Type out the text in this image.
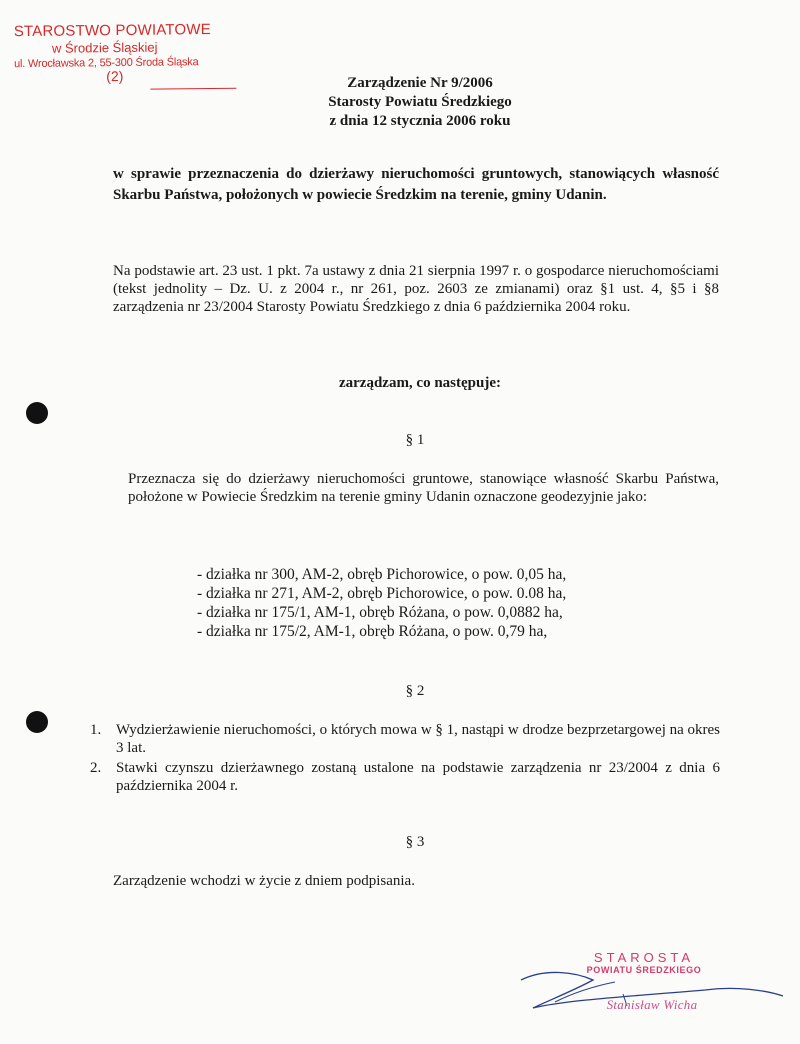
STAROSTWO POWIATOWE
w Środzie Śląskiej
ul. Wrocławska 2, 55-300 Środa Śląska
(2)	Zarządzenie Nr 9/2006
Starosty Powiatu Średzkiego
z dnia 12 stycznia 2006 roku
w sprawie przeznaczenia do dzierżawy nieruchomości gruntowych, stanowiących własność Skarbu Państwa, położonych w powiecie Średzkim na terenie, gminy Udanin.
Na podstawie art. 23 ust. 1 pkt. 7a ustawy z dnia 21 sierpnia 1997 r. o gospodarce nieruchomościami (tekst jednolity – Dz. U. z 2004 r., nr 261, poz. 2603 ze zmianami) oraz §1 ust. 4, §5 i §8 zarządzenia nr 23/2004 Starosty Powiatu Średzkiego z dnia 6 października 2004 roku.
zarządzam, co następuje:
§ 1
Przeznacza się do dzierżawy nieruchomości gruntowe, stanowiące własność Skarbu Państwa, położone w Powiecie Średzkim na terenie gminy Udanin oznaczone geodezyjnie jako:
- działka nr 300, AM-2, obręb Pichorowice, o pow. 0,05 ha,
- działka nr 271, AM-2, obręb Pichorowice, o pow. 0.08 ha,
- działka nr 175/1, AM-1, obręb Różana, o pow. 0,0882 ha,
- działka nr 175/2, AM-1, obręb Różana, o pow. 0,79 ha,
§ 2
1. Wydzierżawienie nieruchomości, o których mowa w § 1, nastąpi w drodze bezprzetargowej na okres 3 lat.
2. Stawki czynszu dzierżawnego zostaną ustalone na podstawie zarządzenia nr 23/2004 z dnia 6 października 2004 r.
§ 3
Zarządzenie wchodzi w życie z dniem podpisania.
STAROSTA
POWIATU ŚREDZKIEGO
Stanisław Wicha
